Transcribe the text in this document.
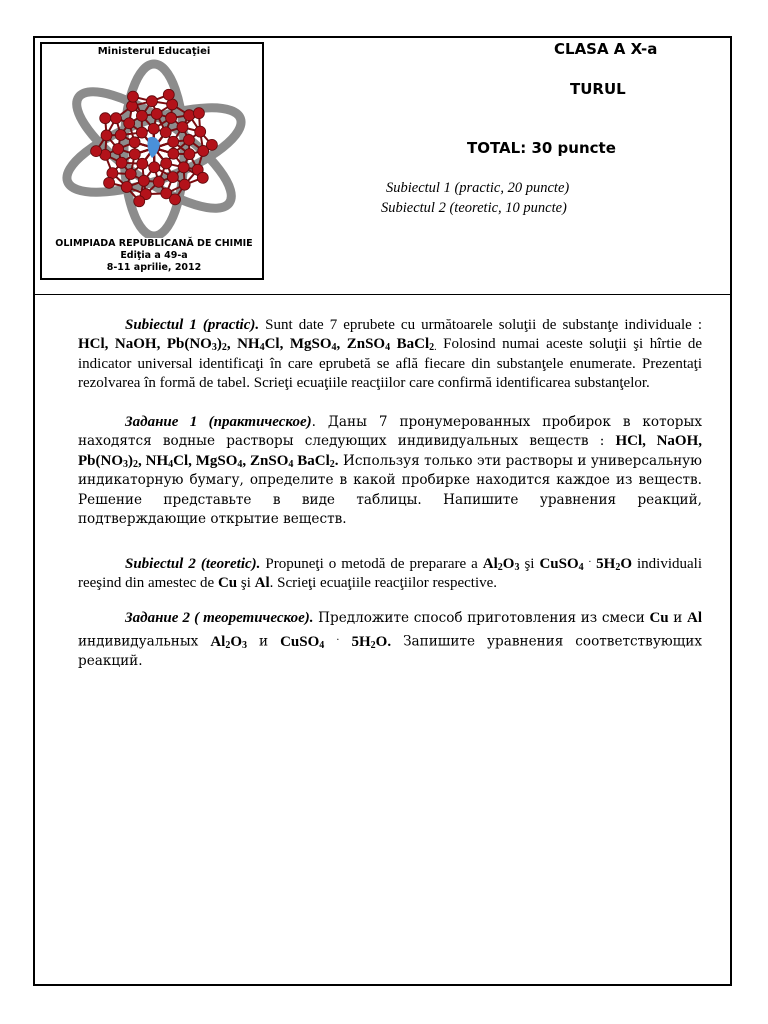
Ministerul Educaţiei
OLIMPIADA REPUBLICANĂ DE CHIMIE
Ediţia a 49-a
8-11 aprilie, 2012
CLASA A X-a
TURUL
TOTAL: 30 puncte
Subiectul 1 (practic, 20 puncte)
Subiectul 2 (teoretic, 10 puncte)

Subiectul 1 (practic). Sunt date 7 eprubete cu următoarele soluţii de substanţe individuale : HCl, NaOH, $Pb(NO_3)_2$, $NH_4Cl$, MgSO$_4$, ZnSO$_4$ BaCl$_{2.}$ Folosind numai aceste soluţii şi hîrtie de indicator universal identificaţi în care eprubetă se află fiecare din substanţele enumerate. Prezentaţi rezolvarea în formă de tabel. Scrieţi ecuaţiile reacţiilor care confirmă identificarea substanţelor.

Задание 1 (практическое). Даны 7 пронумерованных пробирок в которых находятся водные растворы следующих индивидуальных веществ : HCl, NaOH, $Pb(NO_3)_2$, $NH_4Cl$, MgSO$_4$, ZnSO$_4$ BaCl$_2$. Используя только эти растворы и универсальную индикаторную бумагу, определите в какой пробирке находится каждое из веществ. Решение представьте в виде таблицы. Напишите уравнения реакций, подтверждающие открытие веществ.

Subiectul 2 (teoretic). Propuneţi o metodă de preparare a $Al_2O_3$ şi CuSO$_4$ . $5H_2O$ individuali reeşind din amestec de Cu şi Al. Scrieţi ecuaţiile reacţiilor respective.

Задание 2 ( теоретическое). Предложите способ приготовления из смеси Cu и Al индивидуальных $Al_2O_3$ и CuSO$_4$ . $5H_2O$. Запишите уравнения соответствующих реакций.
